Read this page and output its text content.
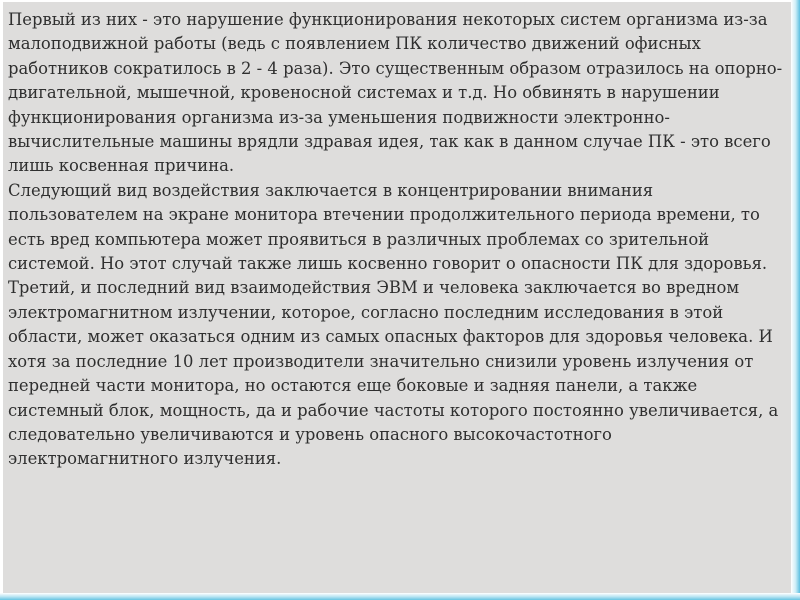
Первый из них - это нарушение функционирования некоторых систем организма из-за малоподвижной работы (ведь с появлением ПК количество движений офисных работников сократилось в 2 - 4 раза). Это существенным образом отразилось на опорно-двигательной, мышечной, кровеносной системах и т.д. Но обвинять в нарушении функционирования организма из-за уменьшения подвижности электронно-вычислительные машины врядли здравая идея, так как в данном случае ПК - это всего лишь косвенная причина.

Следующий вид воздействия заключается в концентрировании внимания пользователем на экране монитора втечении продолжительного периода времени, то есть вред компьютера может проявиться в различных проблемах со зрительной системой. Но этот случай также лишь косвенно говорит о опасности ПК для здоровья.

Третий, и последний вид взаимодействия ЭВМ и человека заключается во вредном электромагнитном излучении, которое, согласно последним исследования в этой области, может оказаться одним из самых опасных факторов для здоровья человека. И хотя за последние 10 лет производители значительно снизили уровень излучения от передней части монитора, но остаются еще боковые и задняя панели, а также системный блок, мощность, да и рабочие частоты которого постоянно увеличивается, а следовательно увеличиваются и уровень опасного высокочастотного электромагнитного излучения.
